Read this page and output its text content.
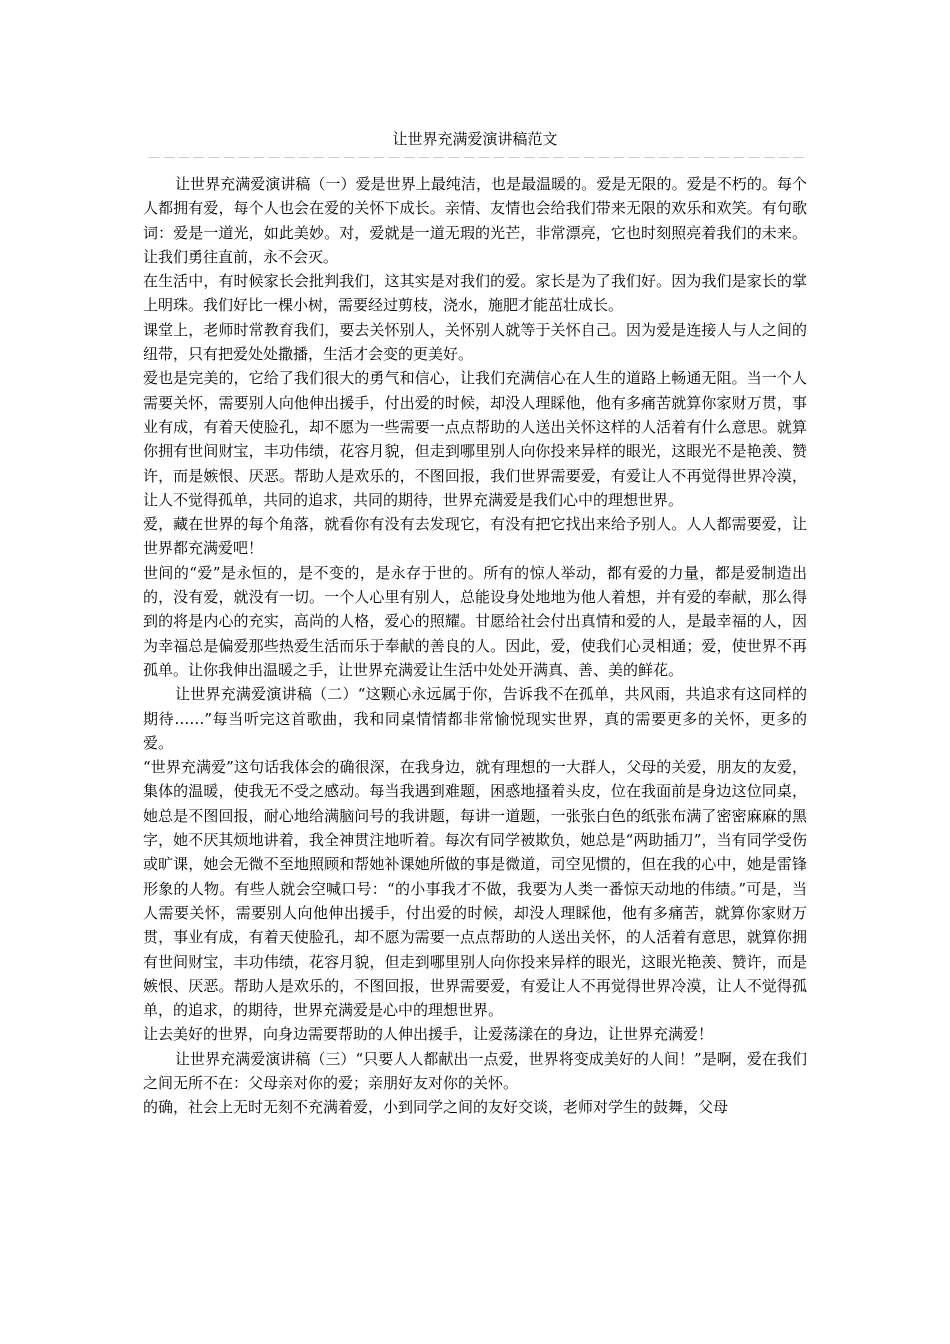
让世界充满爱演讲稿范文
－－－－－－－－－－－－－－－－－－－－－－－－－－－－－－－－－－－－－－－－－－－－

让世界充满爱演讲稿（一）爱是世界上最纯洁，也是最温暖的。爱是无限的。爱是不朽的。每个人都拥有爱，每个人也会在爱的关怀下成长。亲情、友情也会给我们带来无限的欢乐和欢笑。有句歌词：爱是一道光，如此美妙。对，爱就是一道无瑕的光芒，非常漂亮，它也时刻照亮着我们的未来。让我们勇往直前，永不会灭。

在生活中，有时候家长会批判我们，这其实是对我们的爱。家长是为了我们好。因为我们是家长的掌上明珠。我们好比一棵小树，需要经过剪枝，浇水，施肥才能茁壮成长。

课堂上，老师时常教育我们，要去关怀别人，关怀别人就等于关怀自己。因为爱是连接人与人之间的纽带，只有把爱处处撒播，生活才会变的更美好。

爱也是完美的，它给了我们很大的勇气和信心，让我们充满信心在人生的道路上畅通无阻。当一个人需要关怀，需要别人向他伸出援手，付出爱的时候，却没人理睬他，他有多痛苦就算你家财万贯，事业有成，有着天使脸孔，却不愿为一些需要一点点帮助的人送出关怀这样的人活着有什么意思。就算你拥有世间财宝，丰功伟绩，花容月貌，但走到哪里别人向你投来异样的眼光，这眼光不是艳羡、赞许，而是嫉恨、厌恶。帮助人是欢乐的，不图回报，我们世界需要爱，有爱让人不再觉得世界冷漠，让人不觉得孤单，共同的追求，共同的期待，世界充满爱是我们心中的理想世界。

爱，藏在世界的每个角落，就看你有没有去发现它，有没有把它找出来给予别人。人人都需要爱，让世界都充满爱吧！

世间的“爱”是永恒的，是不变的，是永存于世的。所有的惊人举动，都有爱的力量，都是爱制造出的，没有爱，就没有一切。一个人心里有别人，总能设身处地地为他人着想，并有爱的奉献，那么得到的将是内心的充实，高尚的人格，爱心的照耀。甘愿给社会付出真情和爱的人，是最幸福的人，因为幸福总是偏爱那些热爱生活而乐于奉献的善良的人。因此，爱，使我们心灵相通；爱，使世界不再孤单。让你我伸出温暖之手，让世界充满爱让生活中处处开满真、善、美的鲜花。

让世界充满爱演讲稿（二）“这颗心永远属于你，告诉我不在孤单，共风雨，共追求有这同样的期待……”每当听完这首歌曲，我和同桌情情都非常愉悦现实世界，真的需要更多的关怀，更多的爱。

“世界充满爱”这句话我体会的确很深，在我身边，就有理想的一大群人，父母的关爱，朋友的友爱，集体的温暖，使我无不受之感动。每当我遇到难题，困惑地搔着头皮，位在我面前是身边这位同桌，她总是不图回报，耐心地给满脑问号的我讲题，每讲一道题，一张张白色的纸张布满了密密麻麻的黑字，她不厌其烦地讲着，我全神贯注地听着。每次有同学被欺负，她总是“两助插刀”，当有同学受伤或旷课，她会无微不至地照顾和帮她补课她所做的事是微道，司空见惯的，但在我的心中，她是雷锋形象的人物。有些人就会空喊口号：“的小事我才不做，我要为人类一番惊天动地的伟绩。”可是，当人需要关怀，需要别人向他伸出援手，付出爱的时候，却没人理睬他，他有多痛苦，就算你家财万贯，事业有成，有着天使脸孔，却不愿为需要一点点帮助的人送出关怀，的人活着有意思，就算你拥有世间财宝，丰功伟绩，花容月貌，但走到哪里别人向你投来异样的眼光，这眼光艳羡、赞许，而是嫉恨、厌恶。帮助人是欢乐的，不图回报，世界需要爱，有爱让人不再觉得世界冷漠，让人不觉得孤单，的追求，的期待，世界充满爱是心中的理想世界。

让去美好的世界，向身边需要帮助的人伸出援手，让爱荡漾在的身边，让世界充满爱！

让世界充满爱演讲稿（三）“只要人人都献出一点爱，世界将变成美好的人间！”是啊，爱在我们之间无所不在：父母亲对你的爱；亲朋好友对你的关怀。

的确，社会上无时无刻不充满着爱，小到同学之间的友好交谈，老师对学生的鼓舞，父母
